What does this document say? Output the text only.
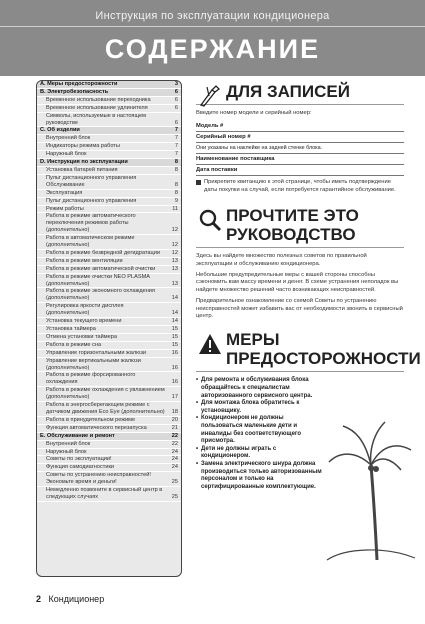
Инструкция по эксплуатации кондиционера
СОДЕРЖАНИЕ
A. Меры предосторожности	3
B. Электробезопасность	6
Временное использование переходника	6
Временное использование удлинителя	6
Символы, используемые в настоящем руководстве	6
C. Об изделии	7
Внутренний блок	7
Индикаторы режима работы	7
Наружный блок	7
D. Инструкция по эксплуатации	8
Установка батарей питания	8
Пульт дистанционного управления Обслуживание	8
Эксплуатация	8
Пульт дистанционного управления	9
Режим работы	11
Работа в режиме автоматического переключения режимов работы (дополнительно)	12
Работа в автоматическом режиме (дополнительно)	12
Работа в режиме безвредной дегидратации	12
Работа в режиме вентиляции	13
Работа в режиме автоматической очистки	13
Работа в режиме очистки NEO PLASMA (дополнительно)	13
Работа в режиме экономного охлаждения (дополнительно)	14
Регулировка яркости дисплея (дополнительно)	14
Установка текущего времени	14
Установка таймера	15
Отмена установки таймера	15
Работа в режиме сна	15
Управление горизонтальными жалюзи	16
Управление вертикальными жалюзи (дополнительно)	16
Работа в режиме форсированного охлаждения	16
Работа в режиме охлаждения с увлажнением (дополнительно)	17
Работа в энергосберегающем режиме с датчиком движения Eco Eye (дополнительно)	18
Работа в принудительном режиме	20
Функция автоматического перезапуска	21
E. Обслуживание и ремонт	22
Внутренний блок	22
Наружный блок	24
Советы по эксплуатации!	24
Функция самодиагностики	24
Советы по устранению неисправностей! Экономьте время и деньги!	25
Немедленно позвоните в сервисный центр в следующих случаях	25
ДЛЯ ЗАПИСЕЙ

Введите номер модели и серийный номер:

Модель #
Серийный номер #
Они указаны на наклейке на задней стенке блока.
Наименование поставщика
Дата поставки
Прикрепите квитанцию к этой странице, чтобы иметь подтверждение даты покупки на случай, если потребуется гарантийное обслуживание.
ПРОЧТИТЕ ЭТО РУКОВОДСТВО

Здесь вы найдете множество полезных советов по правильной эксплуатации и обслуживанию кондиционера.

Небольшие предупредительные меры с вашей стороны способны сэкономить вам массу времени и денег. В схеме устранения неполадок вы найдете множество решений часто возникающих неисправностей.

Предварительное ознакомление со схемой Советы по устранению неисправностей может избавить вас от необходимости звонить в сервисный центр.

МЕРЫ ПРЕДОСТОРОЖНОСТИ
• Для ремонта и обслуживания блока обращайтесь к специалистам авторизованного сервисного центра.
• Для монтажа блока обратитесь к установщику.
• Кондиционером не должны пользоваться маленькие дети и инвалиды без соответствующего присмотра.
• Дети не должны играть с кондиционером.
• Замена электрического шнура должна производиться только авторизованным персоналом и только на сертифицированные комплектующие.
2 Кондиционер
